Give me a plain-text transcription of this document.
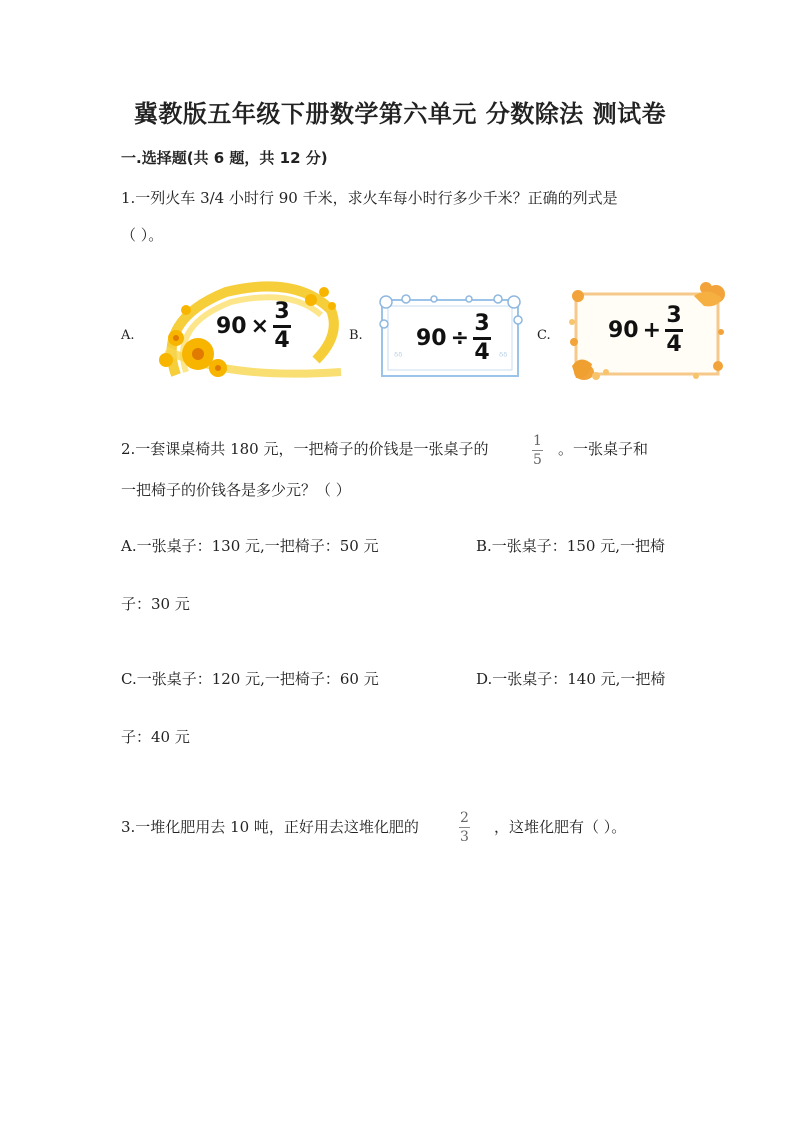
冀教版五年级下册数学第六单元 分数除法 测试卷
一.选择题(共 6 题，共 12 分)
1.一列火车 3/4 小时行 90 千米，求火车每小时行多少千米？正确的列式是
（ ）。
A.	90 ×
3
4	B.
ᵟᵟ	ᵟᵟ
90 ÷
3
4
C.	90 +
3
4
2.一套课桌椅共 180 元，一把椅子的价钱是一张桌子的	1
5
。一张桌子和
一把椅子的价钱各是多少元？（ ）
A.一张桌子：130 元,一把椅子：50 元	B.一张桌子：150 元,一把椅
子：30 元
C.一张桌子：120 元,一把椅子：60 元	D.一张桌子：140 元,一把椅
子：40 元
3.一堆化肥用去 10 吨，正好用去这堆化肥的	2
3
，这堆化肥有（ ）。
